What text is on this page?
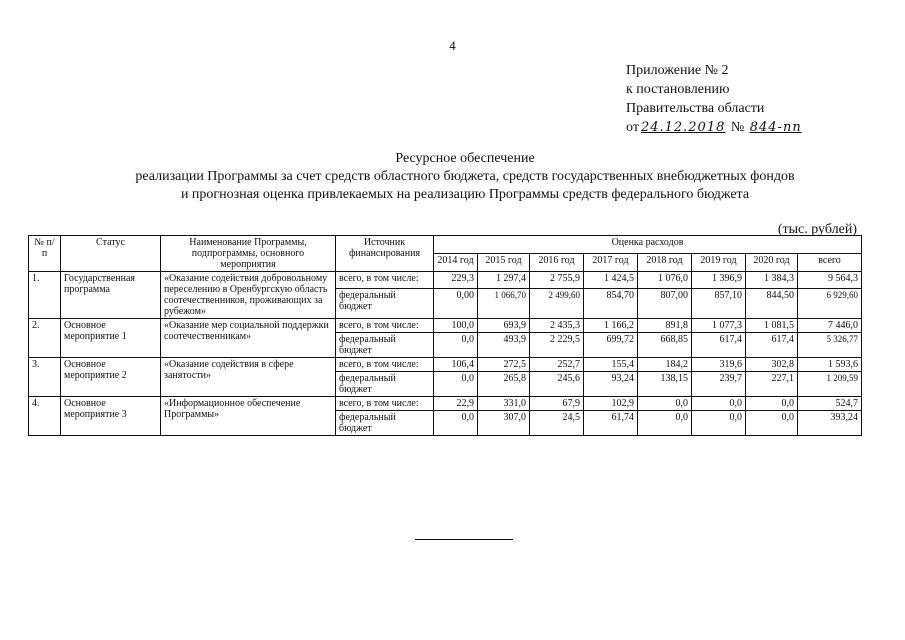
4
Приложение № 2
к постановлению
Правительства области
от 24.12.2018 № 844-пп
Ресурсное обеспечение
реализации Программы за счет средств областного бюджета, средств государственных внебюджетных фондов
и прогнозная оценка привлекаемых на реализацию Программы средств федерального бюджета
(тыс. рублей)
№ п/п	Статус	Наименование Программы, подпрограммы, основного мероприятия	Источник финансирования	Оценка расходов							
				2014 год	2015 год	2016 год	2017 год	2018 год	2019 год	2020 год	всего
1.	Государственная программа	«Оказание содействия добровольному переселению в Оренбургскую область соотечественников, проживающих за рубежом»	всего, в том числе:	229,3	1 297,4	2 755,9	1 424,5	1 076,0	1 396,9	1 384,3	9 564,3
			федеральный бюджет	0,00	1 066,70	2 499,60	854,70	807,00	857,10	844,50	6 929,60
2.	Основное мероприятие 1	«Оказание мер социальной поддержки соотечественникам»	всего, в том числе:	100,0	693,9	2 435,3	1 166,2	891,8	1 077,3	1 081,5	7 446,0
			федеральный бюджет	0,0	493,9	2 229,5	699,72	668,85	617,4	617,4	5 326,77
3.	Основное мероприятие 2	«Оказание содействия в сфере занятости»	всего, в том числе:	106,4	272,5	252,7	155,4	184,2	319,6	302,8	1 593,6
			федеральный бюджет	0,0	265,8	245,6	93,24	138,15	239,7	227,1	1 209,59
4.	Основное мероприятие 3	«Информационное обеспечение Программы»	всего, в том числе:	22,9	331,0	67,9	102,9	0,0	0,0	0,0	524,7
			федеральный бюджет	0,0	307,0	24,5	61,74	0,0	0,0	0,0	393,24
